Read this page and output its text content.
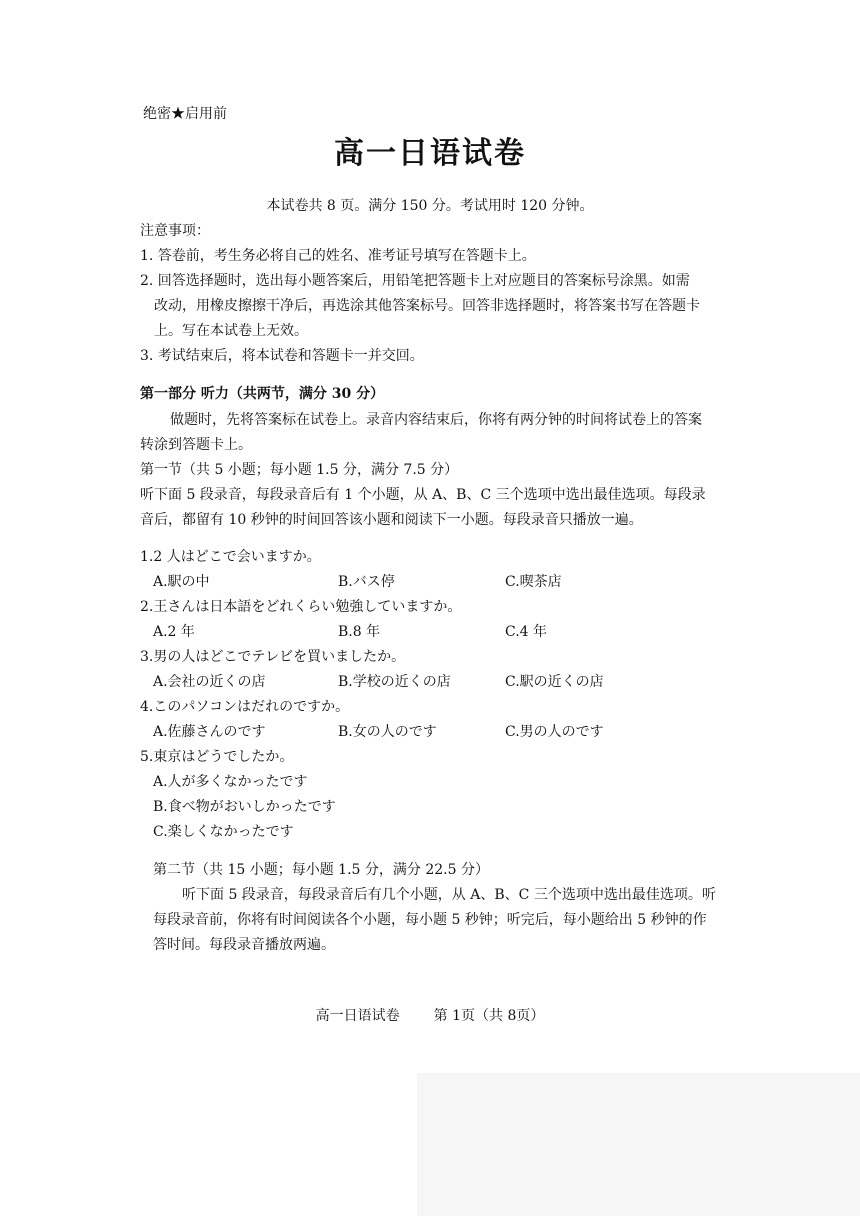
绝密★启用前
高一日语试卷
本试卷共 8 页。满分 150 分。考试用时 120 分钟。
注意事项：
1. 答卷前，考生务必将自己的姓名、准考证号填写在答题卡上。
2. 回答选择题时，选出每小题答案后，用铅笔把答题卡上对应题目的答案标号涂黑。如需
改动，用橡皮擦擦干净后，再选涂其他答案标号。回答非选择题时，将答案书写在答题卡
上。写在本试卷上无效。
3. 考试结束后，将本试卷和答题卡一并交回。
第一部分 听力（共两节，满分 30 分）
做题时，先将答案标在试卷上。录音内容结束后，你将有两分钟的时间将试卷上的答案
转涂到答题卡上。
第一节（共 5 小题；每小题 1.5 分，满分 7.5 分）
听下面 5 段录音，每段录音后有 1 个小题，从 A、B、C 三个选项中选出最佳选项。每段录
音后，都留有 10 秒钟的时间回答该小题和阅读下一小题。每段录音只播放一遍。
1.2 人はどこで会いますか。
A.駅の中	B.バス停	C.喫茶店
2.王さんは日本語をどれくらい勉強していますか。
A.2 年	B.8 年	C.4 年
3.男の人はどこでテレビを買いましたか。
A.会社の近くの店	B.学校の近くの店	C.駅の近くの店
4.このパソコンはだれのですか。
A.佐藤さんのです	B.女の人のです	C.男の人のです
5.東京はどうでしたか。
A.人が多くなかったです
B.食べ物がおいしかったです
C.楽しくなかったです
第二节（共 15 小题；每小题 1.5 分，满分 22.5 分）
听下面 5 段录音，每段录音后有几个小题，从 A、B、C 三个选项中选出最佳选项。听
每段录音前，你将有时间阅读各个小题，每小题 5 秒钟；听完后，每小题给出 5 秒钟的作
答时间。每段录音播放两遍。
高一日语试卷 第 1页（共 8页）
